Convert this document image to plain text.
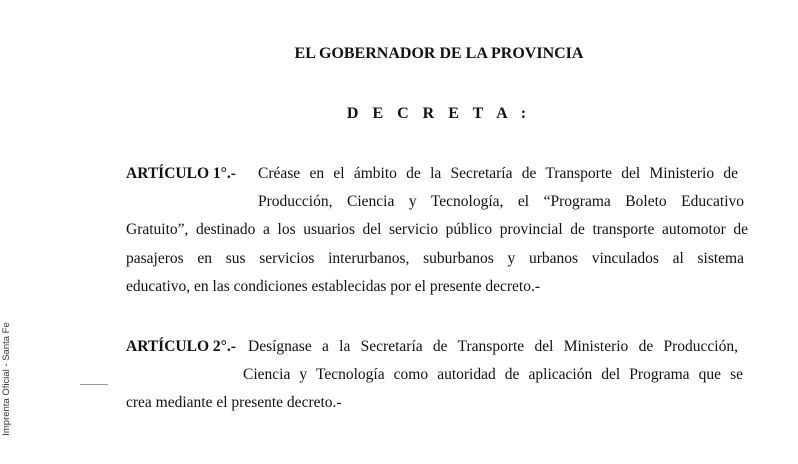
EL GOBERNADOR DE LA PROVINCIA
D E C R E T A :
ARTÍCULO 1°.- Créase en el ámbito de la Secretaría de Transporte del Ministerio de
Producción, Ciencia y Tecnología, el “Programa Boleto Educativo
Gratuito”, destinado a los usuarios del servicio público provincial de transporte automotor de
pasajeros en sus servicios interurbanos, suburbanos y urbanos vinculados al sistema
educativo, en las condiciones establecidas por el presente decreto.-
ARTÍCULO 2°.- Desígnase a la Secretaría de Transporte del Ministerio de Producción,
Ciencia y Tecnología como autoridad de aplicación del Programa que se
crea mediante el presente decreto.-
Imprenta Oficial - Santa Fe
